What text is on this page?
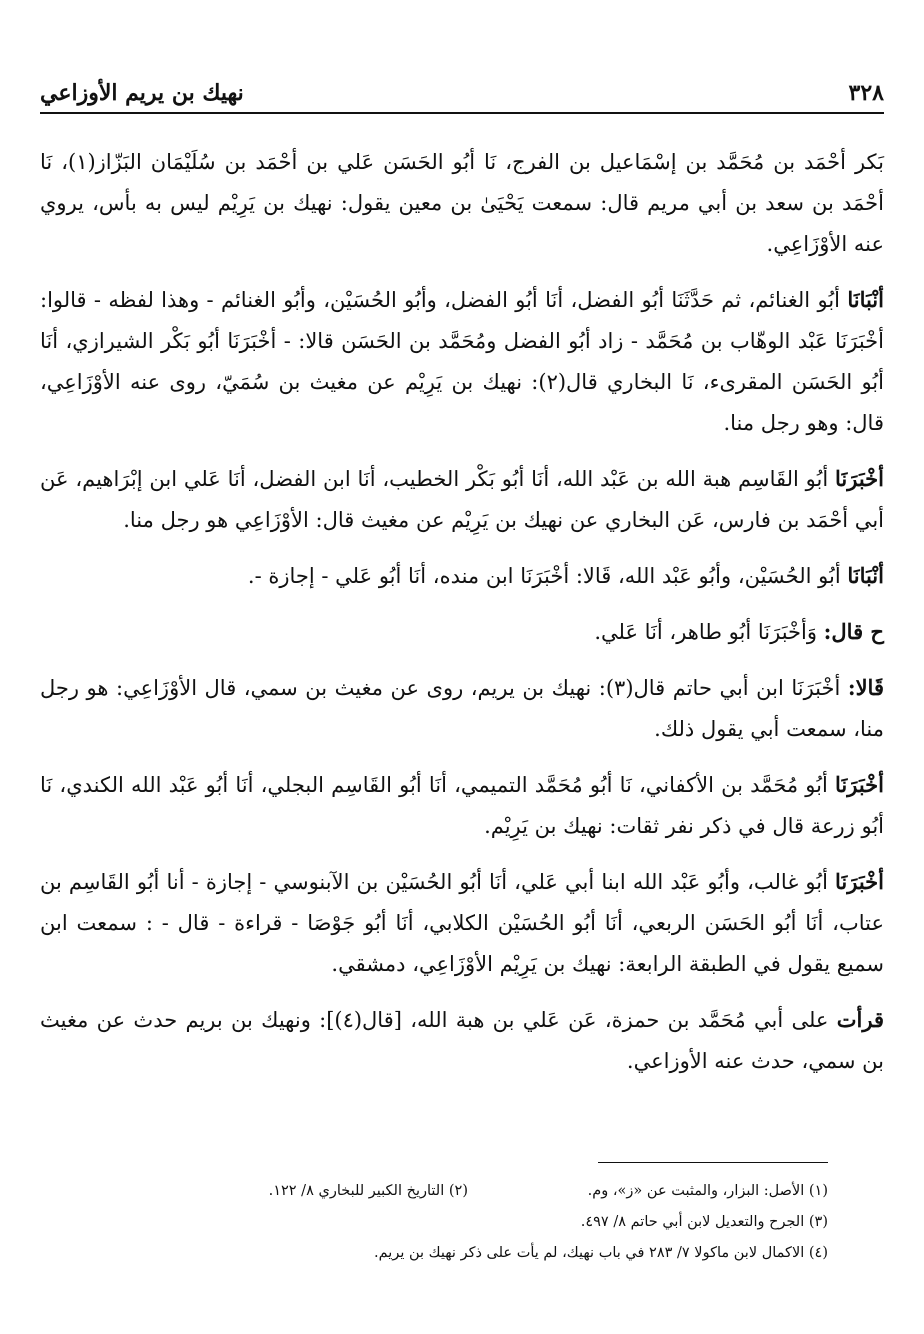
٣٢٨
نهيك بن يريم الأوزاعي

بَكر أحْمَد بن مُحَمَّد بن إسْمَاعيل بن الفرج، نَا أبُو الحَسَن عَلي بن أحْمَد بن سُلَيْمَان البَزّاز(١)، نَا أحْمَد بن سعد بن أبي مريم قال: سمعت يَحْيَىٰ بن معين يقول: نهيك بن يَرِيْم ليس به بأس، يروي عنه الأوْزَاعِي.

أنْبَانَا أبُو الغنائم، ثم حَدَّثَنَا أبُو الفضل، أنَا أبُو الفضل، وأبُو الحُسَيْن، وأبُو الغنائم - وهذا لفظه - قالوا: أخْبَرَنَا عَبْد الوهّاب بن مُحَمَّد - زاد أبُو الفضل ومُحَمَّد بن الحَسَن قالا: - أخْبَرَنَا أبُو بَكْر الشيرازي، أنَا أبُو الحَسَن المقرىء، نَا البخاري قال(٢): نهيك بن يَرِيْم عن مغيث بن سُمَيّ، روى عنه الأوْزَاعِي، قال: وهو رجل منا.

أخْبَرَنَا أبُو القَاسِم هبة الله بن عَبْد الله، أنَا أبُو بَكْر الخطيب، أنَا ابن الفضل، أنَا عَلي ابن إبْرَاهيم، عَن أبي أحْمَد بن فارس، عَن البخاري عن نهيك بن يَرِيْم عن مغيث قال: الأوْزَاعِي هو رجل منا.

أنْبَانَا أبُو الحُسَيْن، وأبُو عَبْد الله، قَالا: أخْبَرَنَا ابن منده، أنَا أبُو عَلي - إجازة -.

ح قال: وَأخْبَرَنَا أبُو طاهر، أنَا عَلي.

قَالا: أخْبَرَنَا ابن أبي حاتم قال(٣): نهيك بن يريم، روى عن مغيث بن سمي، قال الأوْزَاعِي: هو رجل منا، سمعت أبي يقول ذلك.

أخْبَرَنَا أبُو مُحَمَّد بن الأكفاني، نَا أبُو مُحَمَّد التميمي، أنَا أبُو القَاسِم البجلي، أنَا أبُو عَبْد الله الكندي، نَا أبُو زرعة قال في ذكر نفر ثقات: نهيك بن يَرِيْم.

أخْبَرَنَا أبُو غالب، وأبُو عَبْد الله ابنا أبي عَلي، أنَا أبُو الحُسَيْن بن الآبنوسي - إجازة - أنا أبُو القَاسِم بن عتاب، أنَا أبُو الحَسَن الربعي، أنَا أبُو الحُسَيْن الكلابي، أنَا أبُو جَوْصَا - قراءة - قال - : سمعت ابن سميع يقول في الطبقة الرابعة: نهيك بن يَرِيْم الأوْزَاعِي، دمشقي.

قرأت على أبي مُحَمَّد بن حمزة، عَن عَلي بن هبة الله، [قال(٤)]: ونهيك بن بريم حدث عن مغيث بن سمي، حدث عنه الأوزاعي.

(١) الأصل: البزار، والمثبت عن «ز»، وم.
(٢) التاريخ الكبير للبخاري ٨/ ١٢٢.
(٣) الجرح والتعديل لابن أبي حاتم ٨/ ٤٩٧.
(٤) الاكمال لابن ماكولا ٧/ ٢٨٣ في باب نهيك، لم يأت على ذكر نهيك بن يريم.
